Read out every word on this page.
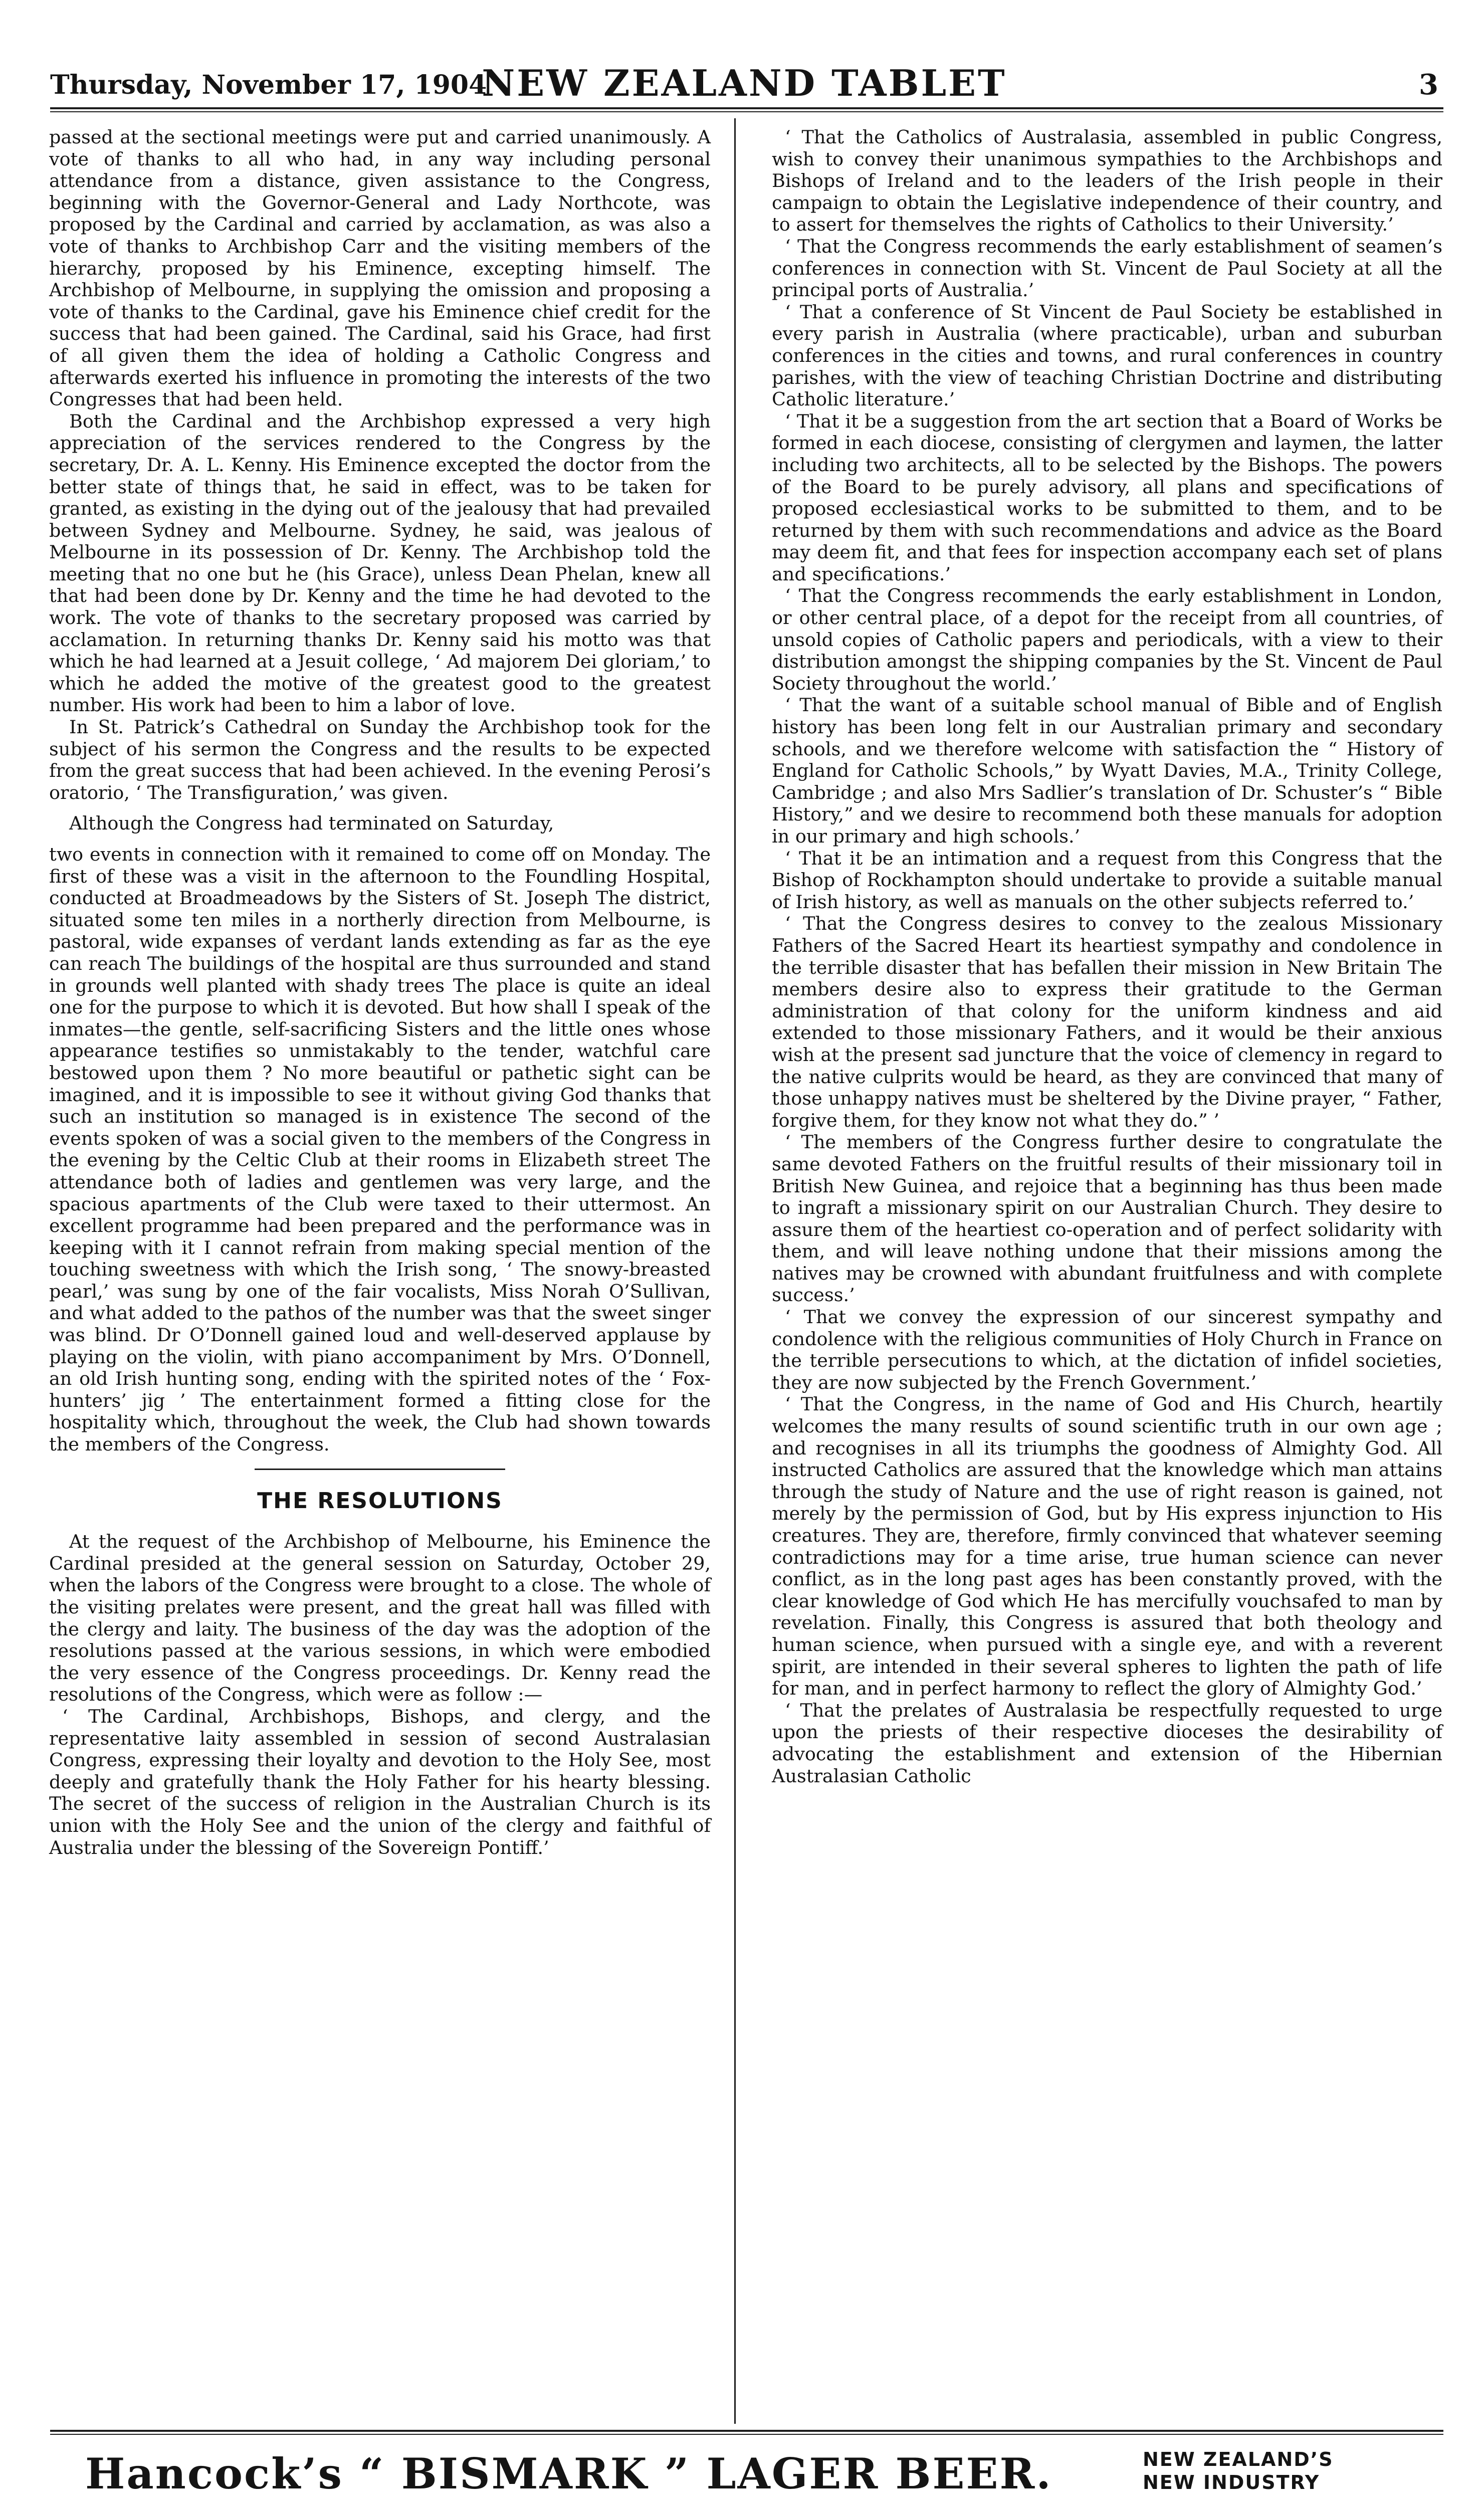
Thursday, November 17, 1904
NEW ZEALAND TABLET	3

passed at the sectional meetings were put and carried unanimously. A vote of thanks to all who had, in any way including personal attendance from a distance, given assistance to the Congress, beginning with the Governor-General and Lady Northcote, was proposed by the Cardinal and carried by acclamation, as was also a vote of thanks to Archbishop Carr and the visiting members of the hierarchy, proposed by his Eminence, excepting himself. The Archbishop of Melbourne, in supplying the omission and proposing a vote of thanks to the Cardinal, gave his Eminence chief credit for the success that had been gained. The Cardinal, said his Grace, had first of all given them the idea of holding a Catholic Congress and afterwards exerted his influence in promoting the interests of the two Congresses that had been held.

Both the Cardinal and the Archbishop expressed a very high appreciation of the services rendered to the Congress by the secretary, Dr. A. L. Kenny. His Eminence excepted the doctor from the better state of things that, he said in effect, was to be taken for granted, as existing in the dying out of the jealousy that had prevailed between Sydney and Melbourne. Sydney, he said, was jealous of Melbourne in its possession of Dr. Kenny. The Archbishop told the meeting that no one but he (his Grace), unless Dean Phelan, knew all that had been done by Dr. Kenny and the time he had devoted to the work. The vote of thanks to the secretary proposed was carried by acclamation. In returning thanks Dr. Kenny said his motto was that which he had learned at a Jesuit college, ‘ Ad majorem Dei gloriam,’ to which he added the motive of the greatest good to the greatest number. His work had been to him a labor of love.

In St. Patrick’s Cathedral on Sunday the Archbishop took for the subject of his sermon the Congress and the results to be expected from the great success that had been achieved. In the evening Perosi’s oratorio, ‘ The Transfiguration,’ was given.

Although the Congress had terminated on Saturday,

two events in connection with it remained to come off on Monday. The first of these was a visit in the afternoon to the Foundling Hospital, conducted at Broadmeadows by the Sisters of St. Joseph The district, situated some ten miles in a northerly direction from Melbourne, is pastoral, wide expanses of verdant lands extending as far as the eye can reach The buildings of the hospital are thus surrounded and stand in grounds well planted with shady trees The place is quite an ideal one for the purpose to which it is devoted. But how shall I speak of the inmates—the gentle, self-sacrificing Sisters and the little ones whose appearance testifies so unmistakably to the tender, watchful care bestowed upon them ? No more beautiful or pathetic sight can be imagined, and it is impossible to see it without giving God thanks that such an institution so managed is in existence The second of the events spoken of was a social given to the members of the Congress in the evening by the Celtic Club at their rooms in Elizabeth street The attendance both of ladies and gentlemen was very large, and the spacious apartments of the Club were taxed to their uttermost. An excellent programme had been prepared and the performance was in keeping with it I cannot refrain from making special mention of the touching sweetness with which the Irish song, ‘ The snowy-breasted pearl,’ was sung by one of the fair vocalists, Miss Norah O’Sullivan, and what added to the pathos of the number was that the sweet singer was blind. Dr O’Donnell gained loud and well-deserved applause by playing on the violin, with piano accompaniment by Mrs. O’Donnell, an old Irish hunting song, ending with the spirited notes of the ‘ Fox-hunters’ jig ’ The entertainment formed a fitting close for the hospitality which, throughout the week, the Club had shown towards the members of the Congress.

THE RESOLUTIONS

At the request of the Archbishop of Melbourne, his Eminence the Cardinal presided at the general session on Saturday, October 29, when the labors of the Congress were brought to a close. The whole of the visiting prelates were present, and the great hall was filled with the clergy and laity. The business of the day was the adoption of the resolutions passed at the various sessions, in which were embodied the very essence of the Congress proceedings. Dr. Kenny read the resolutions of the Congress, which were as follow :—

‘ The Cardinal, Archbishops, Bishops, and clergy, and the representative laity assembled in session of second Australasian Congress, expressing their loyalty and devotion to the Holy See, most deeply and gratefully thank the Holy Father for his hearty blessing. The secret of the success of religion in the Australian Church is its union with the Holy See and the union of the clergy and faithful of Australia under the blessing of the Sovereign Pontiff.’

‘ That the Catholics of Australasia, assembled in public Congress, wish to convey their unanimous sympathies to the Archbishops and Bishops of Ireland and to the leaders of the Irish people in their campaign to obtain the Legislative independence of their country, and to assert for themselves the rights of Catholics to their University.’

‘ That the Congress recommends the early establishment of seamen’s conferences in connection with St. Vincent de Paul Society at all the principal ports of Australia.’

‘ That a conference of St Vincent de Paul Society be established in every parish in Australia (where practicable), urban and suburban conferences in the cities and towns, and rural conferences in country parishes, with the view of teaching Christian Doctrine and distributing Catholic literature.’

‘ That it be a suggestion from the art section that a Board of Works be formed in each diocese, consisting of clergymen and laymen, the latter including two architects, all to be selected by the Bishops. The powers of the Board to be purely advisory, all plans and specifications of proposed ecclesiastical works to be submitted to them, and to be returned by them with such recommendations and advice as the Board may deem fit, and that fees for inspection accompany each set of plans and specifications.’

‘ That the Congress recommends the early establishment in London, or other central place, of a depot for the receipt from all countries, of unsold copies of Catholic papers and periodicals, with a view to their distribution amongst the shipping companies by the St. Vincent de Paul Society throughout the world.’

‘ That the want of a suitable school manual of Bible and of English history has been long felt in our Australian primary and secondary schools, and we therefore welcome with satisfaction the “ History of England for Catholic Schools,” by Wyatt Davies, M.A., Trinity College, Cambridge ; and also Mrs Sadlier’s translation of Dr. Schuster’s “ Bible History,” and we desire to recommend both these manuals for adoption in our primary and high schools.’

‘ That it be an intimation and a request from this Congress that the Bishop of Rockhampton should undertake to provide a suitable manual of Irish history, as well as manuals on the other subjects referred to.’

‘ That the Congress desires to convey to the zealous Missionary Fathers of the Sacred Heart its heartiest sympathy and condolence in the terrible disaster that has befallen their mission in New Britain The members desire also to express their gratitude to the German administration of that colony for the uniform kindness and aid extended to those missionary Fathers, and it would be their anxious wish at the present sad juncture that the voice of clemency in regard to the native culprits would be heard, as they are convinced that many of those unhappy natives must be sheltered by the Divine prayer, “ Father, forgive them, for they know not what they do.” ’

‘ The members of the Congress further desire to congratulate the same devoted Fathers on the fruitful results of their missionary toil in British New Guinea, and rejoice that a beginning has thus been made to ingraft a missionary spirit on our Australian Church. They desire to assure them of the heartiest co-operation and of perfect solidarity with them, and will leave nothing undone that their missions among the natives may be crowned with abundant fruitfulness and with complete success.’

‘ That we convey the expression of our sincerest sympathy and condolence with the religious communities of Holy Church in France on the terrible persecutions to which, at the dictation of infidel societies, they are now subjected by the French Government.’

‘ That the Congress, in the name of God and His Church, heartily welcomes the many results of sound scientific truth in our own age ; and recognises in all its triumphs the goodness of Almighty God. All instructed Catholics are assured that the knowledge which man attains through the study of Nature and the use of right reason is gained, not merely by the permission of God, but by His express injunction to His creatures. They are, therefore, firmly convinced that whatever seeming contradictions may for a time arise, true human science can never conflict, as in the long past ages has been constantly proved, with the clear knowledge of God which He has mercifully vouchsafed to man by revelation. Finally, this Congress is assured that both theology and human science, when pursued with a single eye, and with a reverent spirit, are intended in their several spheres to lighten the path of life for man, and in perfect harmony to reflect the glory of Almighty God.’

‘ That the prelates of Australasia be respectfully requested to urge upon the priests of their respective dioceses the desirability of advocating the establishment and extension of the Hibernian Australasian Catholic

Hancock’s “ BISMARK ” LAGER BEER.	NEW ZEALAND’S
NEW INDUSTRY
